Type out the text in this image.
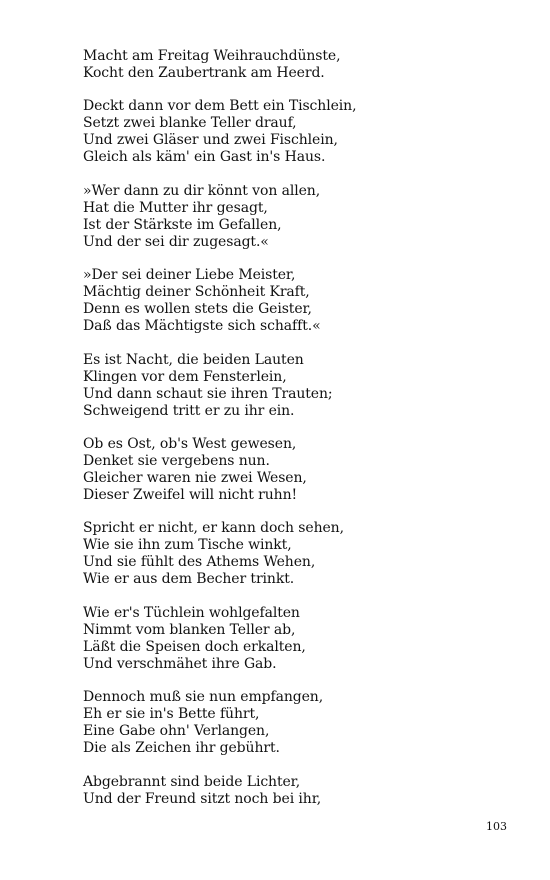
Macht am Freitag Weihrauchdünste,
Kocht den Zaubertrank am Heerd.
Deckt dann vor dem Bett ein Tischlein,
Setzt zwei blanke Teller drauf,
Und zwei Gläser und zwei Fischlein,
Gleich als käm' ein Gast in's Haus.
»Wer dann zu dir könnt von allen,
Hat die Mutter ihr gesagt,
Ist der Stärkste im Gefallen,
Und der sei dir zugesagt.«
»Der sei deiner Liebe Meister,
Mächtig deiner Schönheit Kraft,
Denn es wollen stets die Geister,
Daß das Mächtigste sich schafft.«
Es ist Nacht, die beiden Lauten
Klingen vor dem Fensterlein,
Und dann schaut sie ihren Trauten;
Schweigend tritt er zu ihr ein.
Ob es Ost, ob's West gewesen,
Denket sie vergebens nun.
Gleicher waren nie zwei Wesen,
Dieser Zweifel will nicht ruhn!
Spricht er nicht, er kann doch sehen,
Wie sie ihn zum Tische winkt,
Und sie fühlt des Athems Wehen,
Wie er aus dem Becher trinkt.
Wie er's Tüchlein wohlgefalten
Nimmt vom blanken Teller ab,
Läßt die Speisen doch erkalten,
Und verschmähet ihre Gab.
Dennoch muß sie nun empfangen,
Eh er sie in's Bette führt,
Eine Gabe ohn' Verlangen,
Die als Zeichen ihr gebührt.
Abgebrannt sind beide Lichter,
Und der Freund sitzt noch bei ihr,
103
